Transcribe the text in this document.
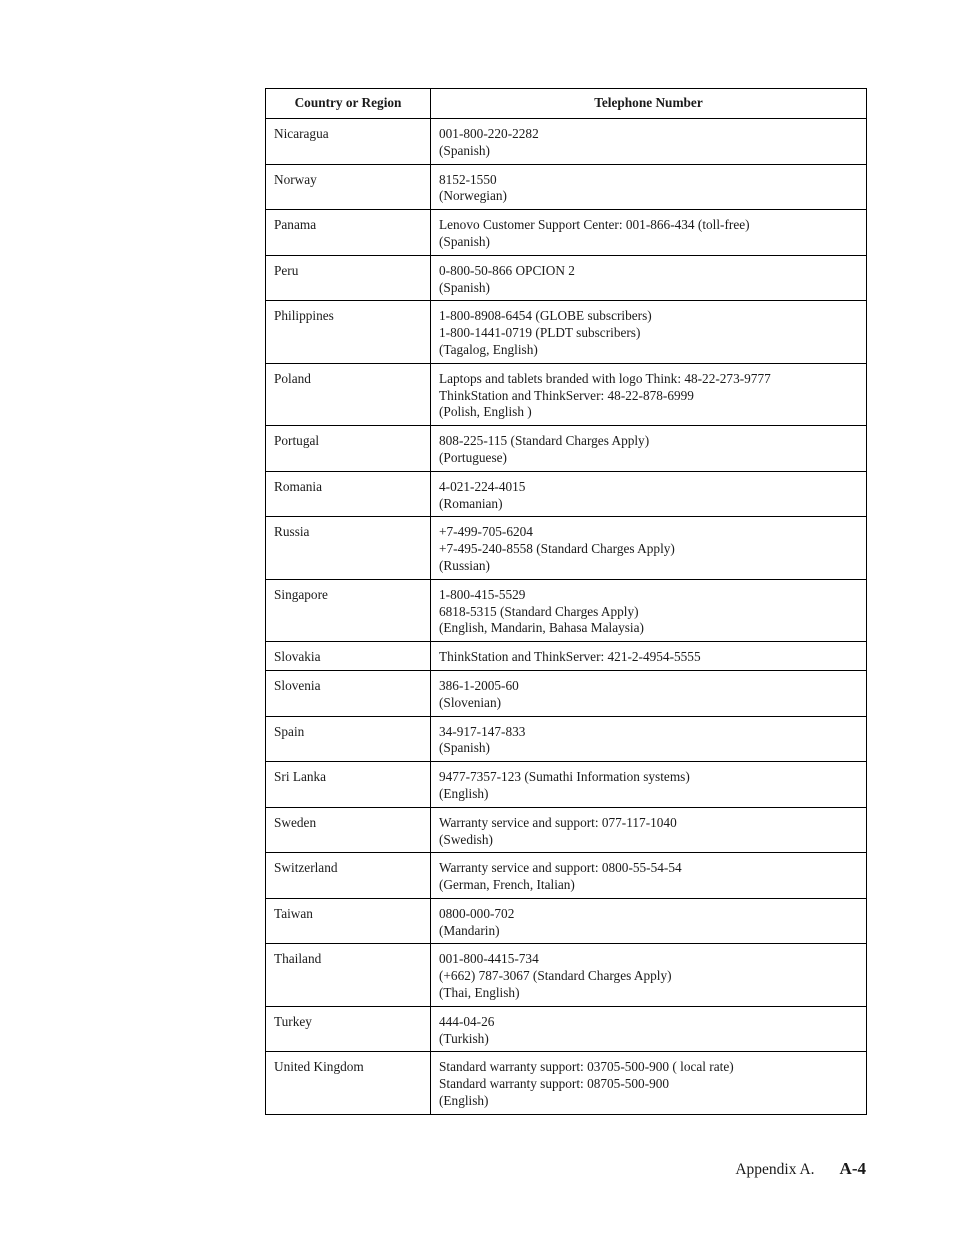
Country or Region	Telephone Number
Nicaragua	001-800-220-2282
(Spanish)

Norway	8152-1550
(Norwegian)

Panama	Lenovo Customer Support Center: 001-866-434 (toll-free)
(Spanish)

Peru	0-800-50-866 OPCION 2
(Spanish)

Philippines	1-800-8908-6454 (GLOBE subscribers)
1-800-1441-0719 (PLDT subscribers)
(Tagalog, English)

Poland	Laptops and tablets branded with logo Think: 48-22-273-9777
ThinkStation and ThinkServer: 48-22-878-6999
(Polish, English )

Portugal	808-225-115 (Standard Charges Apply)
(Portuguese)

Romania	4-021-224-4015
(Romanian)

Russia	+7-499-705-6204
+7-495-240-8558 (Standard Charges Apply)
(Russian)

Singapore	1-800-415-5529
6818-5315 (Standard Charges Apply)
(English, Mandarin, Bahasa Malaysia)

Slovakia	ThinkStation and ThinkServer: 421-2-4954-5555

Slovenia	386-1-2005-60
(Slovenian)

Spain	34-917-147-833
(Spanish)

Sri Lanka	9477-7357-123 (Sumathi Information systems)
(English)

Sweden	Warranty service and support: 077-117-1040
(Swedish)

Switzerland	Warranty service and support: 0800-55-54-54
(German, French, Italian)

Taiwan	0800-000-702
(Mandarin)

Thailand	001-800-4415-734
(+662) 787-3067 (Standard Charges Apply)
(Thai, English)

Turkey	444-04-26
(Turkish)

United Kingdom	Standard warranty support: 03705-500-900 ( local rate)
Standard warranty support: 08705-500-900
(English)
Appendix A. A-4
